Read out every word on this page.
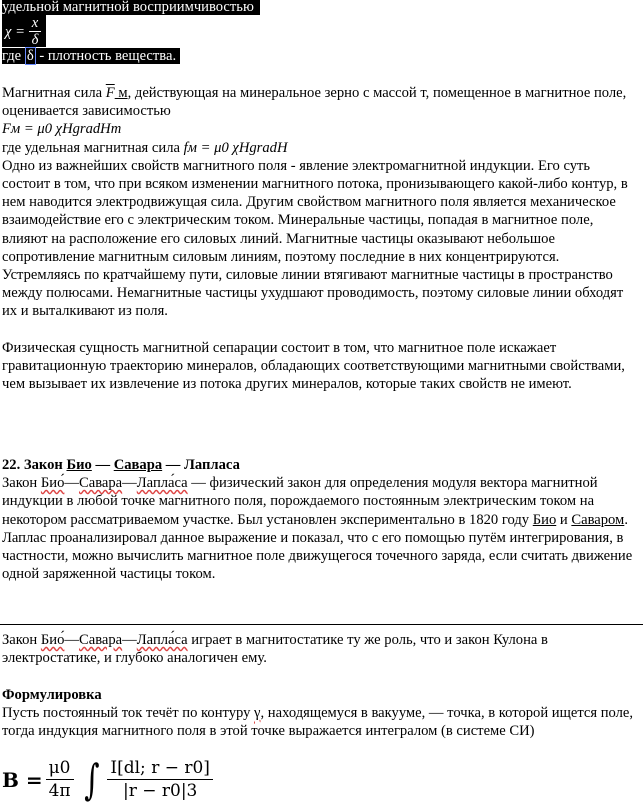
удельной магнитной восприимчивостью
χ =
x
δ
где δ - плотность вещества.

Магнитная сила $\overline{F}$ м, действующая на минеральное зерно с массой т, помещенное в магнитное поле, оценивается зависимостью

Fм = μ0 χHgradHm

где удельная магнитная сила fм = μ0 χHgradH

Одно из важнейших свойств магнитного поля - явление электромагнитной индукции. Его суть состоит в том, что при всяком изменении магнитного потока, пронизывающего какой-либо контур, в нем наводится электродвижущая сила. Другим свойством магнитного поля является механическое взаимодействие его с электрическим током. Минеральные частицы, попадая в магнитное поле, влияют на расположение его силовых линий. Магнитные частицы оказывают небольшое сопротивление магнитным силовым линиям, поэтому последние в них концентрируются. Устремляясь по кратчайшему пути, силовые линии втягивают магнитные частицы в пространство между полюсами. Немагнитные частицы ухудшают проводимость, поэтому силовые линии обходят их и выталкивают из поля.

Физическая сущность магнитной сепарации состоит в том, что магнитное поле искажает гравитационную траекторию минералов, обладающих соответствующими магнитными свойствами, чем вызывает их извлечение из потока других минералов, которые таких свойств не имеют.

22. Закон Био — Савара — Лапласа

Закон Био́—Савара—Лапла́са — физический закон для определения модуля вектора магнитной индукции в любой точке магнитного поля, порождаемого постоянным электрическим током на некотором рассматриваемом участке. Был установлен экспериментально в 1820 году Био и Саваром. Лаплас проанализировал данное выражение и показал, что с его помощью путём интегрирования, в частности, можно вычислить магнитное поле движущегося точечного заряда, если считать движение одной заряженной частицы током.

Закон Био́—Савара—Лапла́са играет в магнитостатике ту же роль, что и закон Кулона в электростатике, и глубоко аналогичен ему.

Формулировка

Пусть постоянный ток течёт по контуру γ, находящемуся в вакууме, — точка, в которой ищется поле, тогда индукция магнитного поля в этой точке выражается интегралом (в системе СИ)

$B = \frac{\mu 0}{4\pi}$ ∫ $\frac{I[dl; r - r0]}{|r - r0|3}$
